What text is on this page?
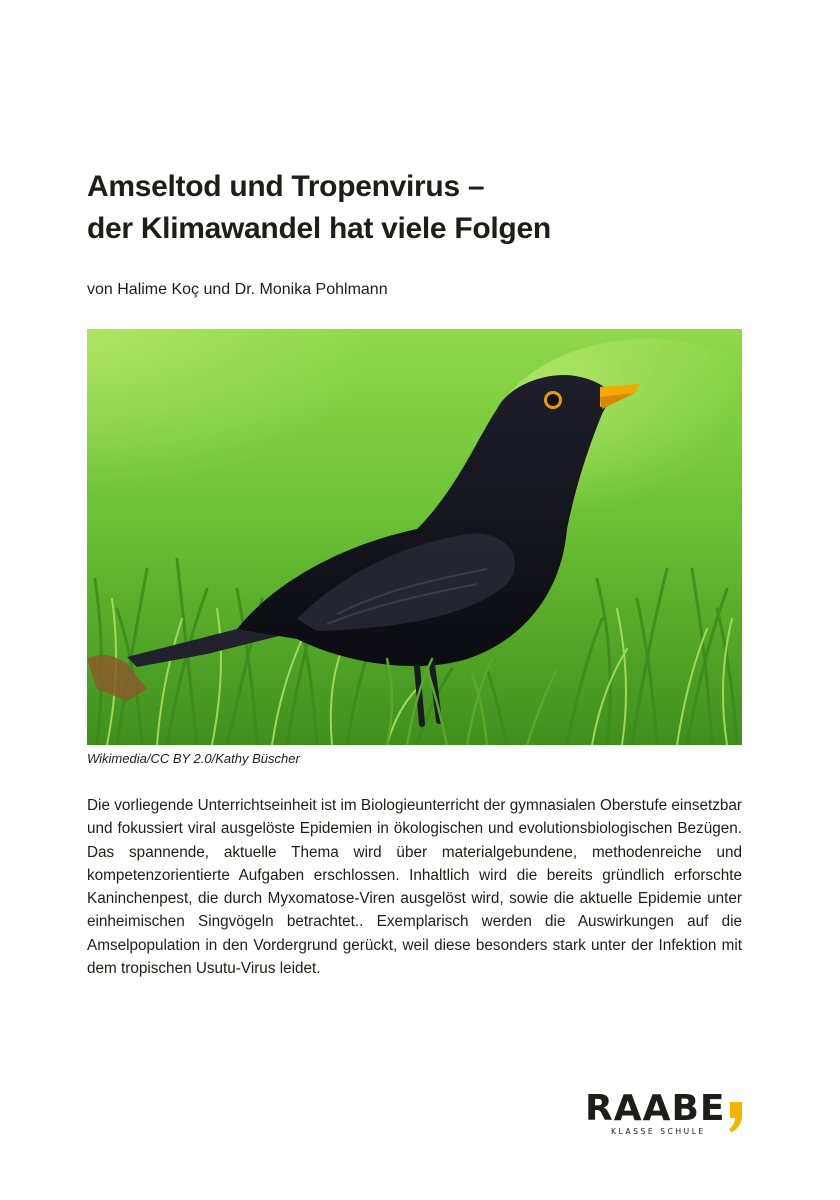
Amseltod und Tropenvirus –
der Klimawandel hat viele Folgen
von Halime Koç und Dr. Monika Pohlmann
Wikimedia/CC BY 2.0/Kathy Büscher

Die vorliegende Unterrichtseinheit ist im Biologieunterricht der gymnasialen Oberstufe einsetzbar und fokussiert viral ausgelöste Epidemien in ökologischen und evolutionsbiologischen Bezügen. Das spannende, aktuelle Thema wird über materialgebundene, methodenreiche und kompetenzorientierte Aufgaben erschlossen. Inhaltlich wird die bereits gründlich erforschte Kaninchenpest, die durch Myxomatose-Viren ausgelöst wird, sowie die aktuelle Epidemie unter einheimischen Singvögeln betrachtet.. Exemplarisch werden die Auswirkungen auf die Amselpopulation in den Vordergrund gerückt, weil diese besonders stark unter der Infektion mit dem tropischen Usutu-Virus leidet.

RAABE
KLASSE SCHULE
